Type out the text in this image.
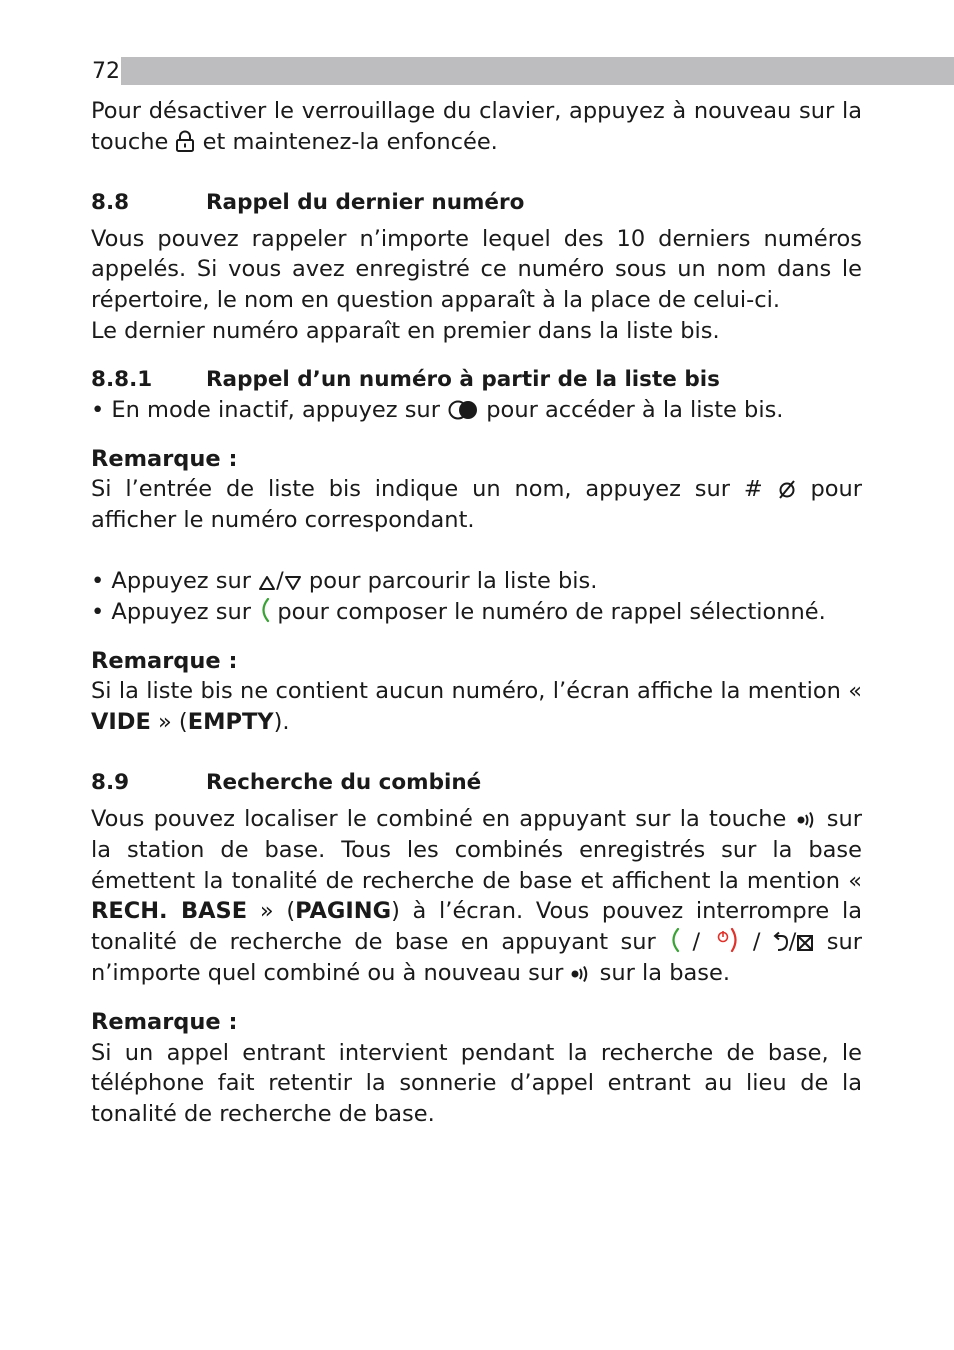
72

Pour désactiver le verrouillage du clavier, appuyez à nouveau sur la touche et maintenez-la enfoncée.

8.8	Rappel du dernier numéro

Vous pouvez rappeler n’importe lequel des 10 derniers numéros appelés. Si vous avez enregistré ce numéro sous un nom dans le répertoire, le nom en question apparaît à la place de celui-ci.

Le dernier numéro apparaît en premier dans la liste bis.

8.8.1	Rappel d’un numéro à partir de la liste bis

• En mode inactif, appuyez sur pour accéder à la liste bis.

Remarque :

Si l’entrée de liste bis indique un nom, appuyez sur # pour afficher le numéro correspondant.

• Appuyez sur / pour parcourir la liste bis.

• Appuyez sur pour composer le numéro de rappel sélectionné.

Remarque :

Si la liste bis ne contient aucun numéro, l’écran affiche la mention « VIDE » (EMPTY).

8.9	Recherche du combiné

Vous pouvez localiser le combiné en appuyant sur la touche sur la station de base. Tous les combinés enregistrés sur la base émettent la tonalité de recherche de base et affichent la mention « RECH. BASE » (PAGING) à l’écran. Vous pouvez interrompre la tonalité de recherche de base en appuyant sur / / / sur n’importe quel combiné ou à nouveau sur sur la base.

Remarque :

Si un appel entrant intervient pendant la recherche de base, le téléphone fait retentir la sonnerie d’appel entrant au lieu de la tonalité de recherche de base.
